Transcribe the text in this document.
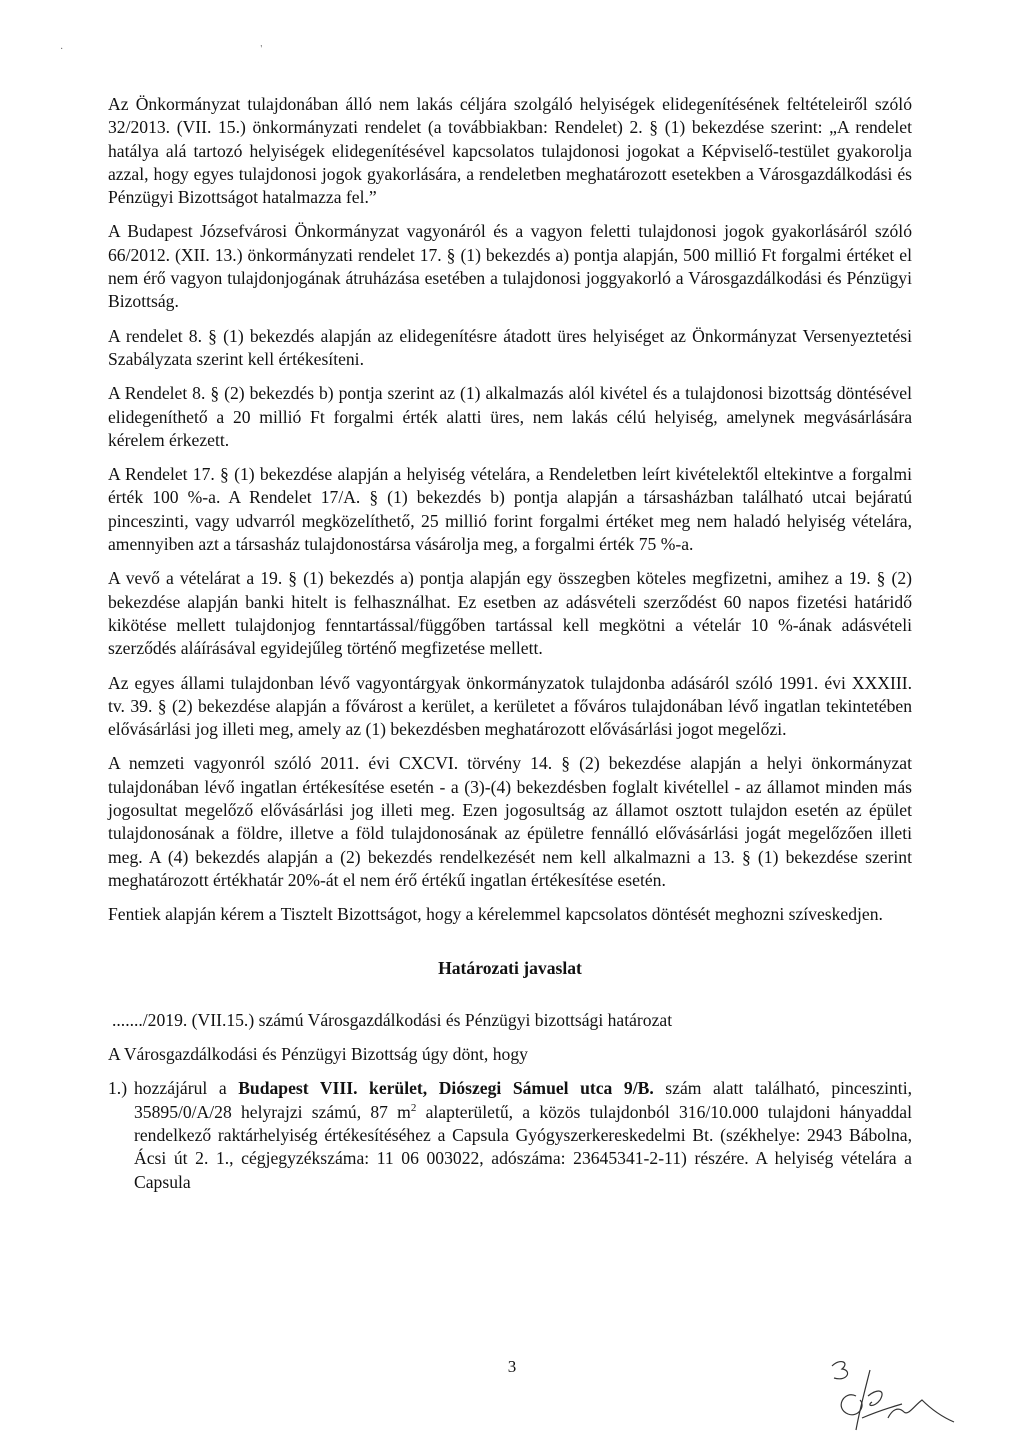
·      '

Az Önkormányzat tulajdonában álló nem lakás céljára szolgáló helyiségek elidegenítésének feltételeiről szóló 32/2013. (VII. 15.) önkormányzati rendelet (a továbbiakban: Rendelet) 2. § (1) bekezdése szerint: „A rendelet hatálya alá tartozó helyiségek elidegenítésével kapcsolatos tulajdonosi jogokat a Képviselő-testület gyakorolja azzal, hogy egyes tulajdonosi jogok gyakorlására, a rendeletben meghatározott esetekben a Városgazdálkodási és Pénzügyi Bizottságot hatalmazza fel.”

A Budapest Józsefvárosi Önkormányzat vagyonáról és a vagyon feletti tulajdonosi jogok gyakorlásáról szóló 66/2012. (XII. 13.) önkormányzati rendelet 17. § (1) bekezdés a) pontja alapján, 500 millió Ft forgalmi értéket el nem érő vagyon tulajdonjogának átruházása esetében a tulajdonosi joggyakorló a Városgazdálkodási és Pénzügyi Bizottság.

A rendelet 8. § (1) bekezdés alapján az elidegenítésre átadott üres helyiséget az Önkormányzat Versenyeztetési Szabályzata szerint kell értékesíteni.

A Rendelet 8. § (2) bekezdés b) pontja szerint az (1) alkalmazás alól kivétel és a tulajdonosi bizottság döntésével elidegeníthető a 20 millió Ft forgalmi érték alatti üres, nem lakás célú helyiség, amelynek megvásárlására kérelem érkezett.

A Rendelet 17. § (1) bekezdése alapján a helyiség vételára, a Rendeletben leírt kivételektől eltekintve a forgalmi érték 100 %-a. A Rendelet 17/A. § (1) bekezdés b) pontja alapján a társasházban található utcai bejáratú pinceszinti, vagy udvarról megközelíthető, 25 millió forint forgalmi értéket meg nem haladó helyiség vételára, amennyiben azt a társasház tulajdonostársa vásárolja meg, a forgalmi érték 75 %-a.

A vevő a vételárat a 19. § (1) bekezdés a) pontja alapján egy összegben köteles megfizetni, amihez a 19. § (2) bekezdése alapján banki hitelt is felhasználhat. Ez esetben az adásvételi szerződést 60 napos fizetési határidő kikötése mellett tulajdonjog fenntartással/függőben tartással kell megkötni a vételár 10 %-ának adásvételi szerződés aláírásával egyidejűleg történő megfizetése mellett.

Az egyes állami tulajdonban lévő vagyontárgyak önkormányzatok tulajdonba adásáról szóló 1991. évi XXXIII. tv. 39. § (2) bekezdése alapján a fővárost a kerület, a kerületet a főváros tulajdonában lévő ingatlan tekintetében elővásárlási jog illeti meg, amely az (1) bekezdésben meghatározott elővásárlási jogot megelőzi.

A nemzeti vagyonról szóló 2011. évi CXCVI. törvény 14. § (2) bekezdése alapján a helyi önkormányzat tulajdonában lévő ingatlan értékesítése esetén - a (3)-(4) bekezdésben foglalt kivétellel - az államot minden más jogosultat megelőző elővásárlási jog illeti meg. Ezen jogosultság az államot osztott tulajdon esetén az épület tulajdonosának a földre, illetve a föld tulajdonosának az épületre fennálló elővásárlási jogát megelőzően illeti meg. A (4) bekezdés alapján a (2) bekezdés rendelkezését nem kell alkalmazni a 13. § (1) bekezdése szerint meghatározott értékhatár 20%-át el nem érő értékű ingatlan értékesítése esetén.

Fentiek alapján kérem a Tisztelt Bizottságot, hogy a kérelemmel kapcsolatos döntését meghozni szíveskedjen.

Határozati javaslat

......./2019. (VII.15.) számú Városgazdálkodási és Pénzügyi bizottsági határozat

A Városgazdálkodási és Pénzügyi Bizottság úgy dönt, hogy

1.) hozzájárul a Budapest VIII. kerület, Diószegi Sámuel utca 9/B. szám alatt található, pinceszinti, 35895/0/A/28 helyrajzi számú, 87 $m^2$ alapterületű, a közös tulajdonból 316/10.000 tulajdoni hányaddal rendelkező raktárhelyiség értékesítéséhez a Capsula Gyógyszerkereskedelmi Bt. (székhelye: 2943 Bábolna, Ácsi út 2. 1., cégjegyzékszáma: 11 06 003022, adószáma: 23645341-2-11) részére. A helyiség vételára a Capsula
3
